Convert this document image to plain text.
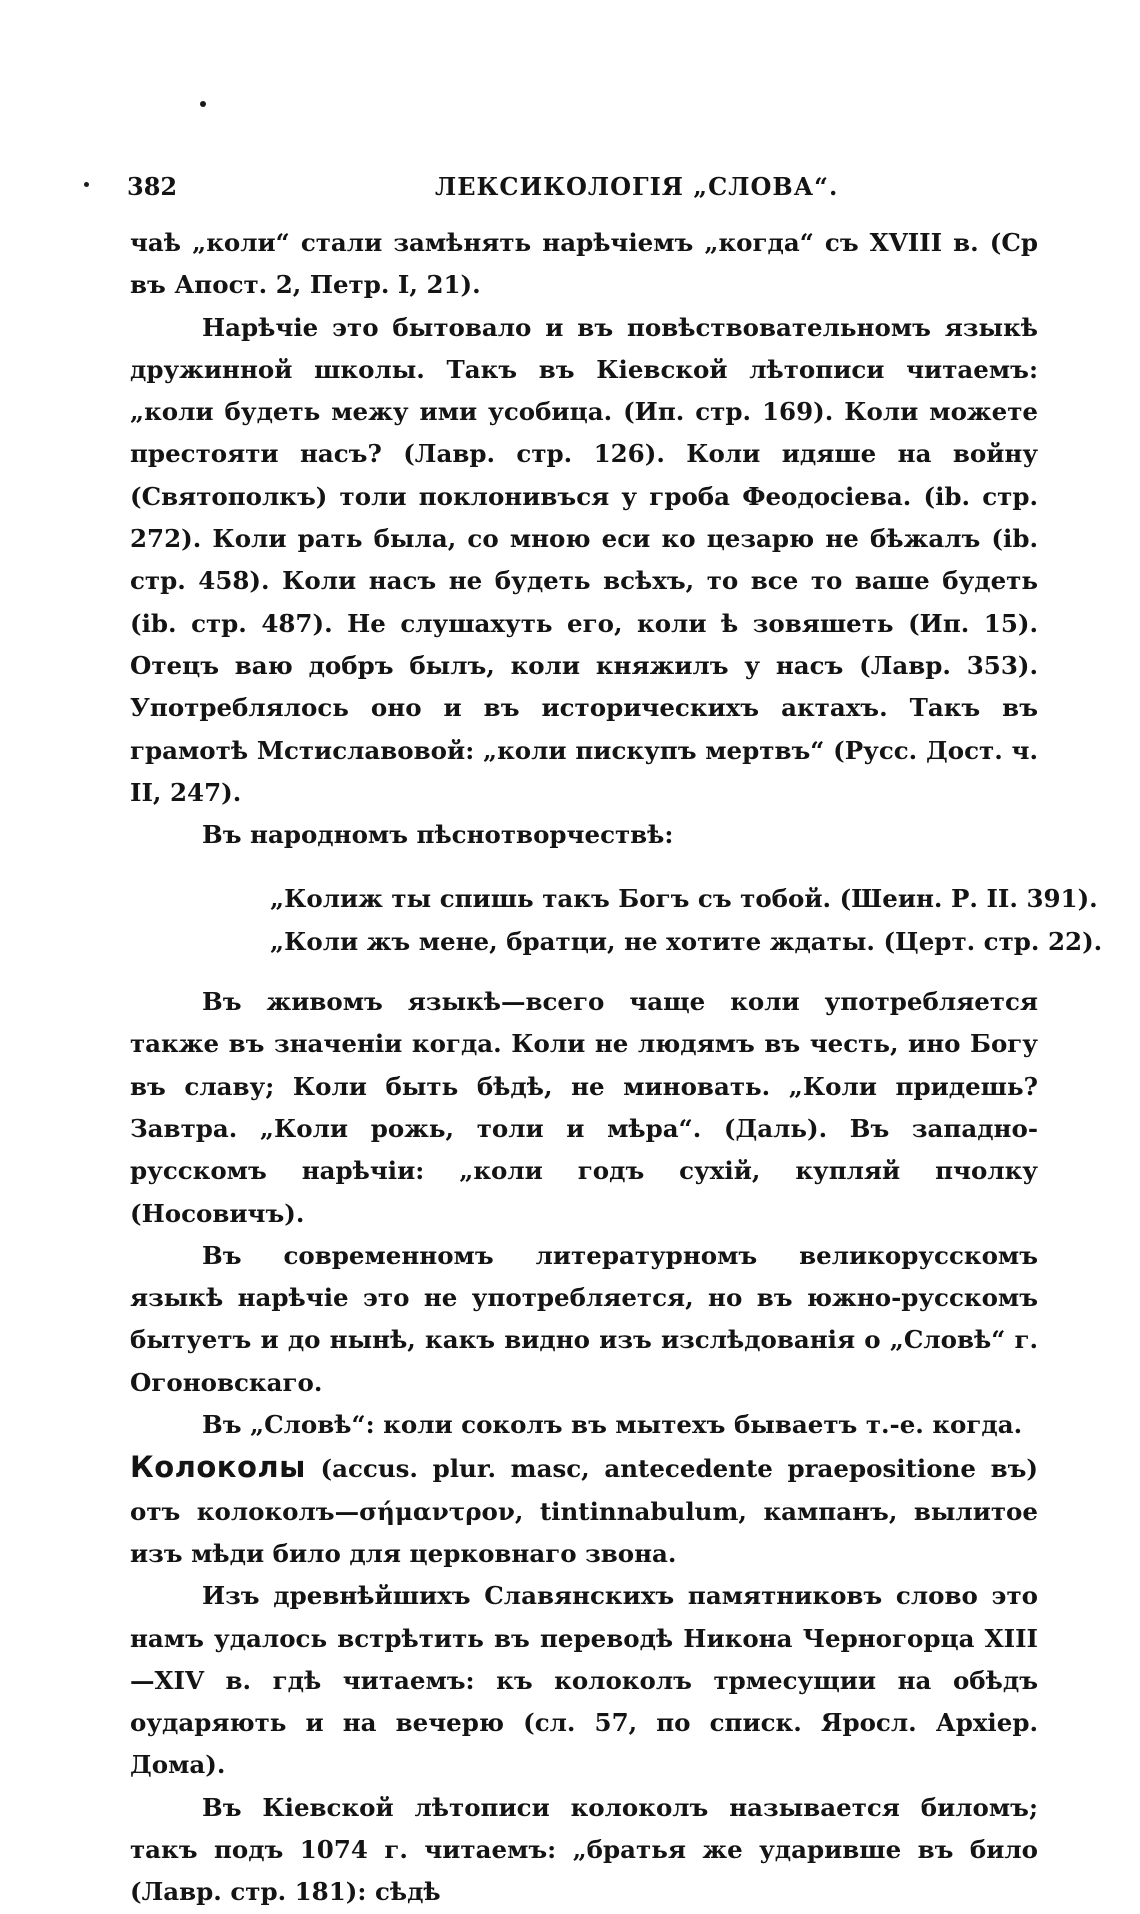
382	ЛЕКСИКОЛОГІЯ „СЛОВА“.

чаѣ „коли“ стали замѣнять нарѣчіемъ „когда“ съ XVIII в. (Ср въ Апост. 2, Петр. I, 21).

Нарѣчіе это бытовало и въ повѣствовательномъ языкѣ дружинной школы. Такъ въ Кіевской лѣтописи читаемъ: „коли будеть межу ими усобица. (Ип. стр. 169). Коли можете престояти насъ? (Лавр. стр. 126). Коли идяше на войну (Святополкъ) толи поклонивъся у гроба Феодосіева. (ib. стр. 272). Коли рать была, со мною еси ко цезарю не бѣжалъ (ib. стр. 458). Коли насъ не будеть всѣхъ, то все то ваше будеть (ib. стр. 487). Не слушахуть его, коли ѣ зовяшеть (Ип. 15). Отецъ ваю добръ былъ, коли княжилъ у насъ (Лавр. 353). Употреблялось оно и въ историческихъ актахъ. Такъ въ грамотѣ Мстиславовой: „коли пискупъ мертвъ“ (Русс. Дост. ч. II, 247).

Въ народномъ пѣснотворчествѣ:

„Колиж ты спишь такъ Богъ съ тобой. (Шеин. Р. II. 391).
„Коли жъ мене, братци, не хотите ждаты. (Церт. стр. 22).

Въ живомъ языкѣ—всего чаще коли употребляется также въ значеніи когда. Коли не людямъ въ честь, ино Богу въ славу; Коли быть бѣдѣ, не миновать. „Коли придешь? Завтра. „Коли рожь, толи и мѣра“. (Даль). Въ западно-русскомъ нарѣчіи: „коли годъ сухій, купляй пчолку (Носовичъ).

Въ современномъ литературномъ великорусскомъ языкѣ нарѣчіе это не употребляется, но въ южно-русскомъ бытуетъ и до нынѣ, какъ видно изъ изслѣдованія о „Словѣ“ г. Огоновскаго.

Въ „Словѣ“: коли соколъ въ мытехъ бываетъ т.-е. когда.

Колоколы (accus. plur. masc, antecedente praepositione въ) отъ колоколъ—σήμαντρον, tintinnabulum, кампанъ, вылитое изъ мѣди било для церковнаго звона.

Изъ древнѣйшихъ Славянскихъ памятниковъ слово это намъ удалось встрѣтить въ переводѣ Никона Черногорца XIII—XIV в. гдѣ читаемъ: къ колоколъ трмесущии на обѣдъ оударяють и на вечерю (сл. 57, по списк. Яросл. Архіер. Дома).

Въ Кіевской лѣтописи колоколъ называется биломъ; такъ подъ 1074 г. читаемъ: „братья же ударивше въ било (Лавр. стр. 181): сѣдѣ
